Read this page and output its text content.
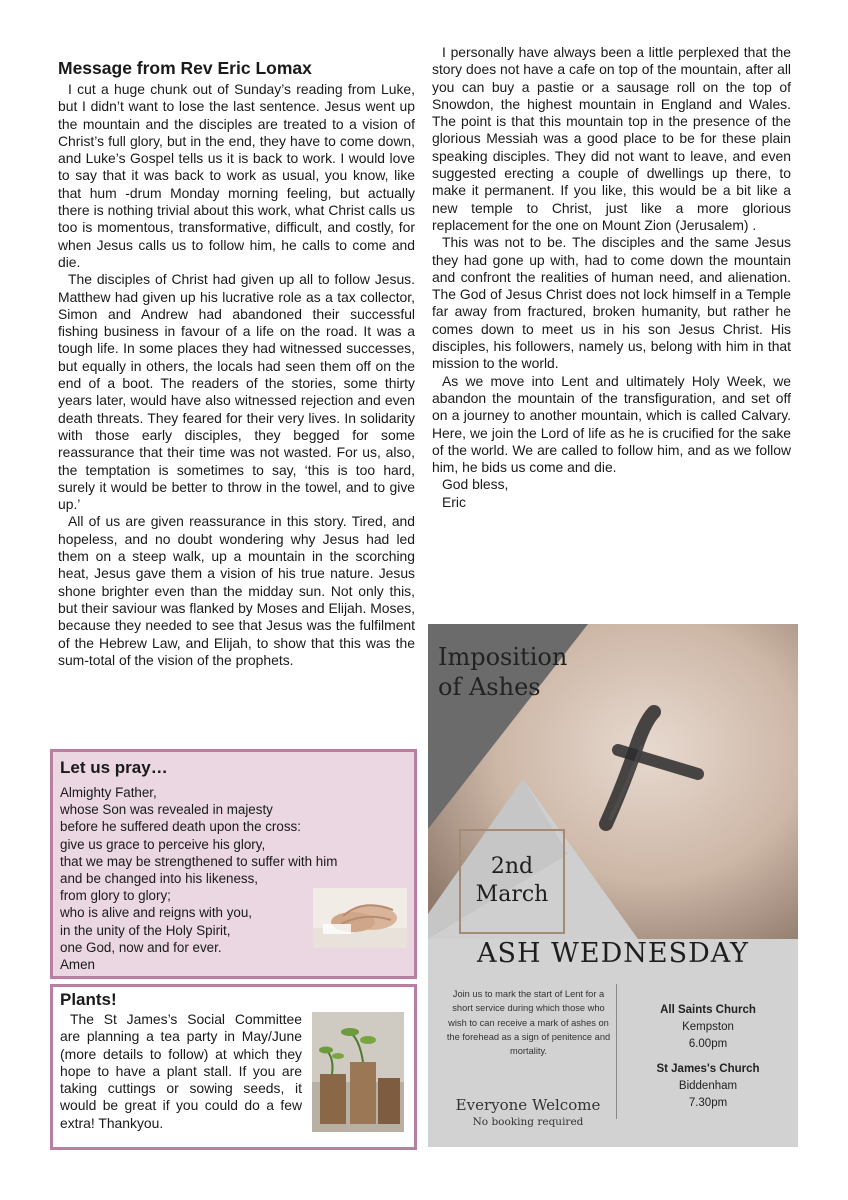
Message from Rev Eric Lomax

I cut a huge chunk out of Sunday’s reading from Luke, but I didn’t want to lose the last sentence. Jesus went up the mountain and the disciples are treated to a vision of Christ’s full glory, but in the end, they have to come down, and Luke’s Gospel tells us it is back to work. I would love to say that it was back to work as usual, you know, like that hum -drum Monday morning feeling, but actually there is nothing trivial about this work, what Christ calls us too is momentous, transformative, difficult, and costly, for when Jesus calls us to follow him, he calls to come and die.

The disciples of Christ had given up all to follow Jesus. Matthew had given up his lucrative role as a tax collector, Simon and Andrew had abandoned their successful fishing business in favour of a life on the road. It was a tough life. In some places they had witnessed successes, but equally in others, the locals had seen them off on the end of a boot. The readers of the stories, some thirty years later, would have also witnessed rejection and even death threats. They feared for their very lives. In solidarity with those early disciples, they begged for some reassurance that their time was not wasted. For us, also, the temptation is sometimes to say, ‘this is too hard, surely it would be better to throw in the towel, and to give up.’

All of us are given reassurance in this story. Tired, and hopeless, and no doubt wondering why Jesus had led them on a steep walk, up a mountain in the scorching heat, Jesus gave them a vision of his true nature. Jesus shone brighter even than the midday sun. Not only this, but their saviour was flanked by Moses and Elijah. Moses, because they needed to see that Jesus was the fulfilment of the Hebrew Law, and Elijah, to show that this was the sum-total of the vision of the prophets.

I personally have always been a little perplexed that the story does not have a cafe on top of the mountain, after all you can buy a pastie or a sausage roll on the top of Snowdon, the highest mountain in England and Wales. The point is that this mountain top in the presence of the glorious Messiah was a good place to be for these plain speaking disciples. They did not want to leave, and even suggested erecting a couple of dwellings up there, to make it permanent. If you like, this would be a bit like a new temple to Christ, just like a more glorious replacement for the one on Mount Zion (Jerusalem) .

This was not to be. The disciples and the same Jesus they had gone up with, had to come down the mountain and confront the realities of human need, and alienation. The God of Jesus Christ does not lock himself in a Temple far away from fractured, broken humanity, but rather he comes down to meet us in his son Jesus Christ. His disciples, his followers, namely us, belong with him in that mission to the world.

As we move into Lent and ultimately Holy Week, we abandon the mountain of the transfiguration, and set off on a journey to another mountain, which is called Calvary. Here, we join the Lord of life as he is crucified for the sake of the world. We are called to follow him, and as we follow him, he bids us come and die.

God bless,

Eric

Let us pray…
Almighty Father,
whose Son was revealed in majesty
before he suffered death upon the cross:
give us grace to perceive his glory,
that we may be strengthened to suffer with him
and be changed into his likeness,
from glory to glory;
who is alive and reigns with you,
in the unity of the Holy Spirit,
one God, now and for ever.
Amen
Plants!

The St James’s Social Committee are planning a tea party in May/June (more details to follow) at which they hope to have a plant stall. If you are taking cuttings or sowing seeds, it would be great if you could do a few extra! Thankyou.

Imposition
of Ashes
2nd
March
ASH WEDNESDAY
Join us to mark the start of Lent for a short service during which those who wish to can receive a mark of ashes on the forehead as a sign of penitence and mortality.
All Saints Church
Kempston
6.00pm
St James's Church
Biddenham
7.30pm
Everyone Welcome
No booking required
